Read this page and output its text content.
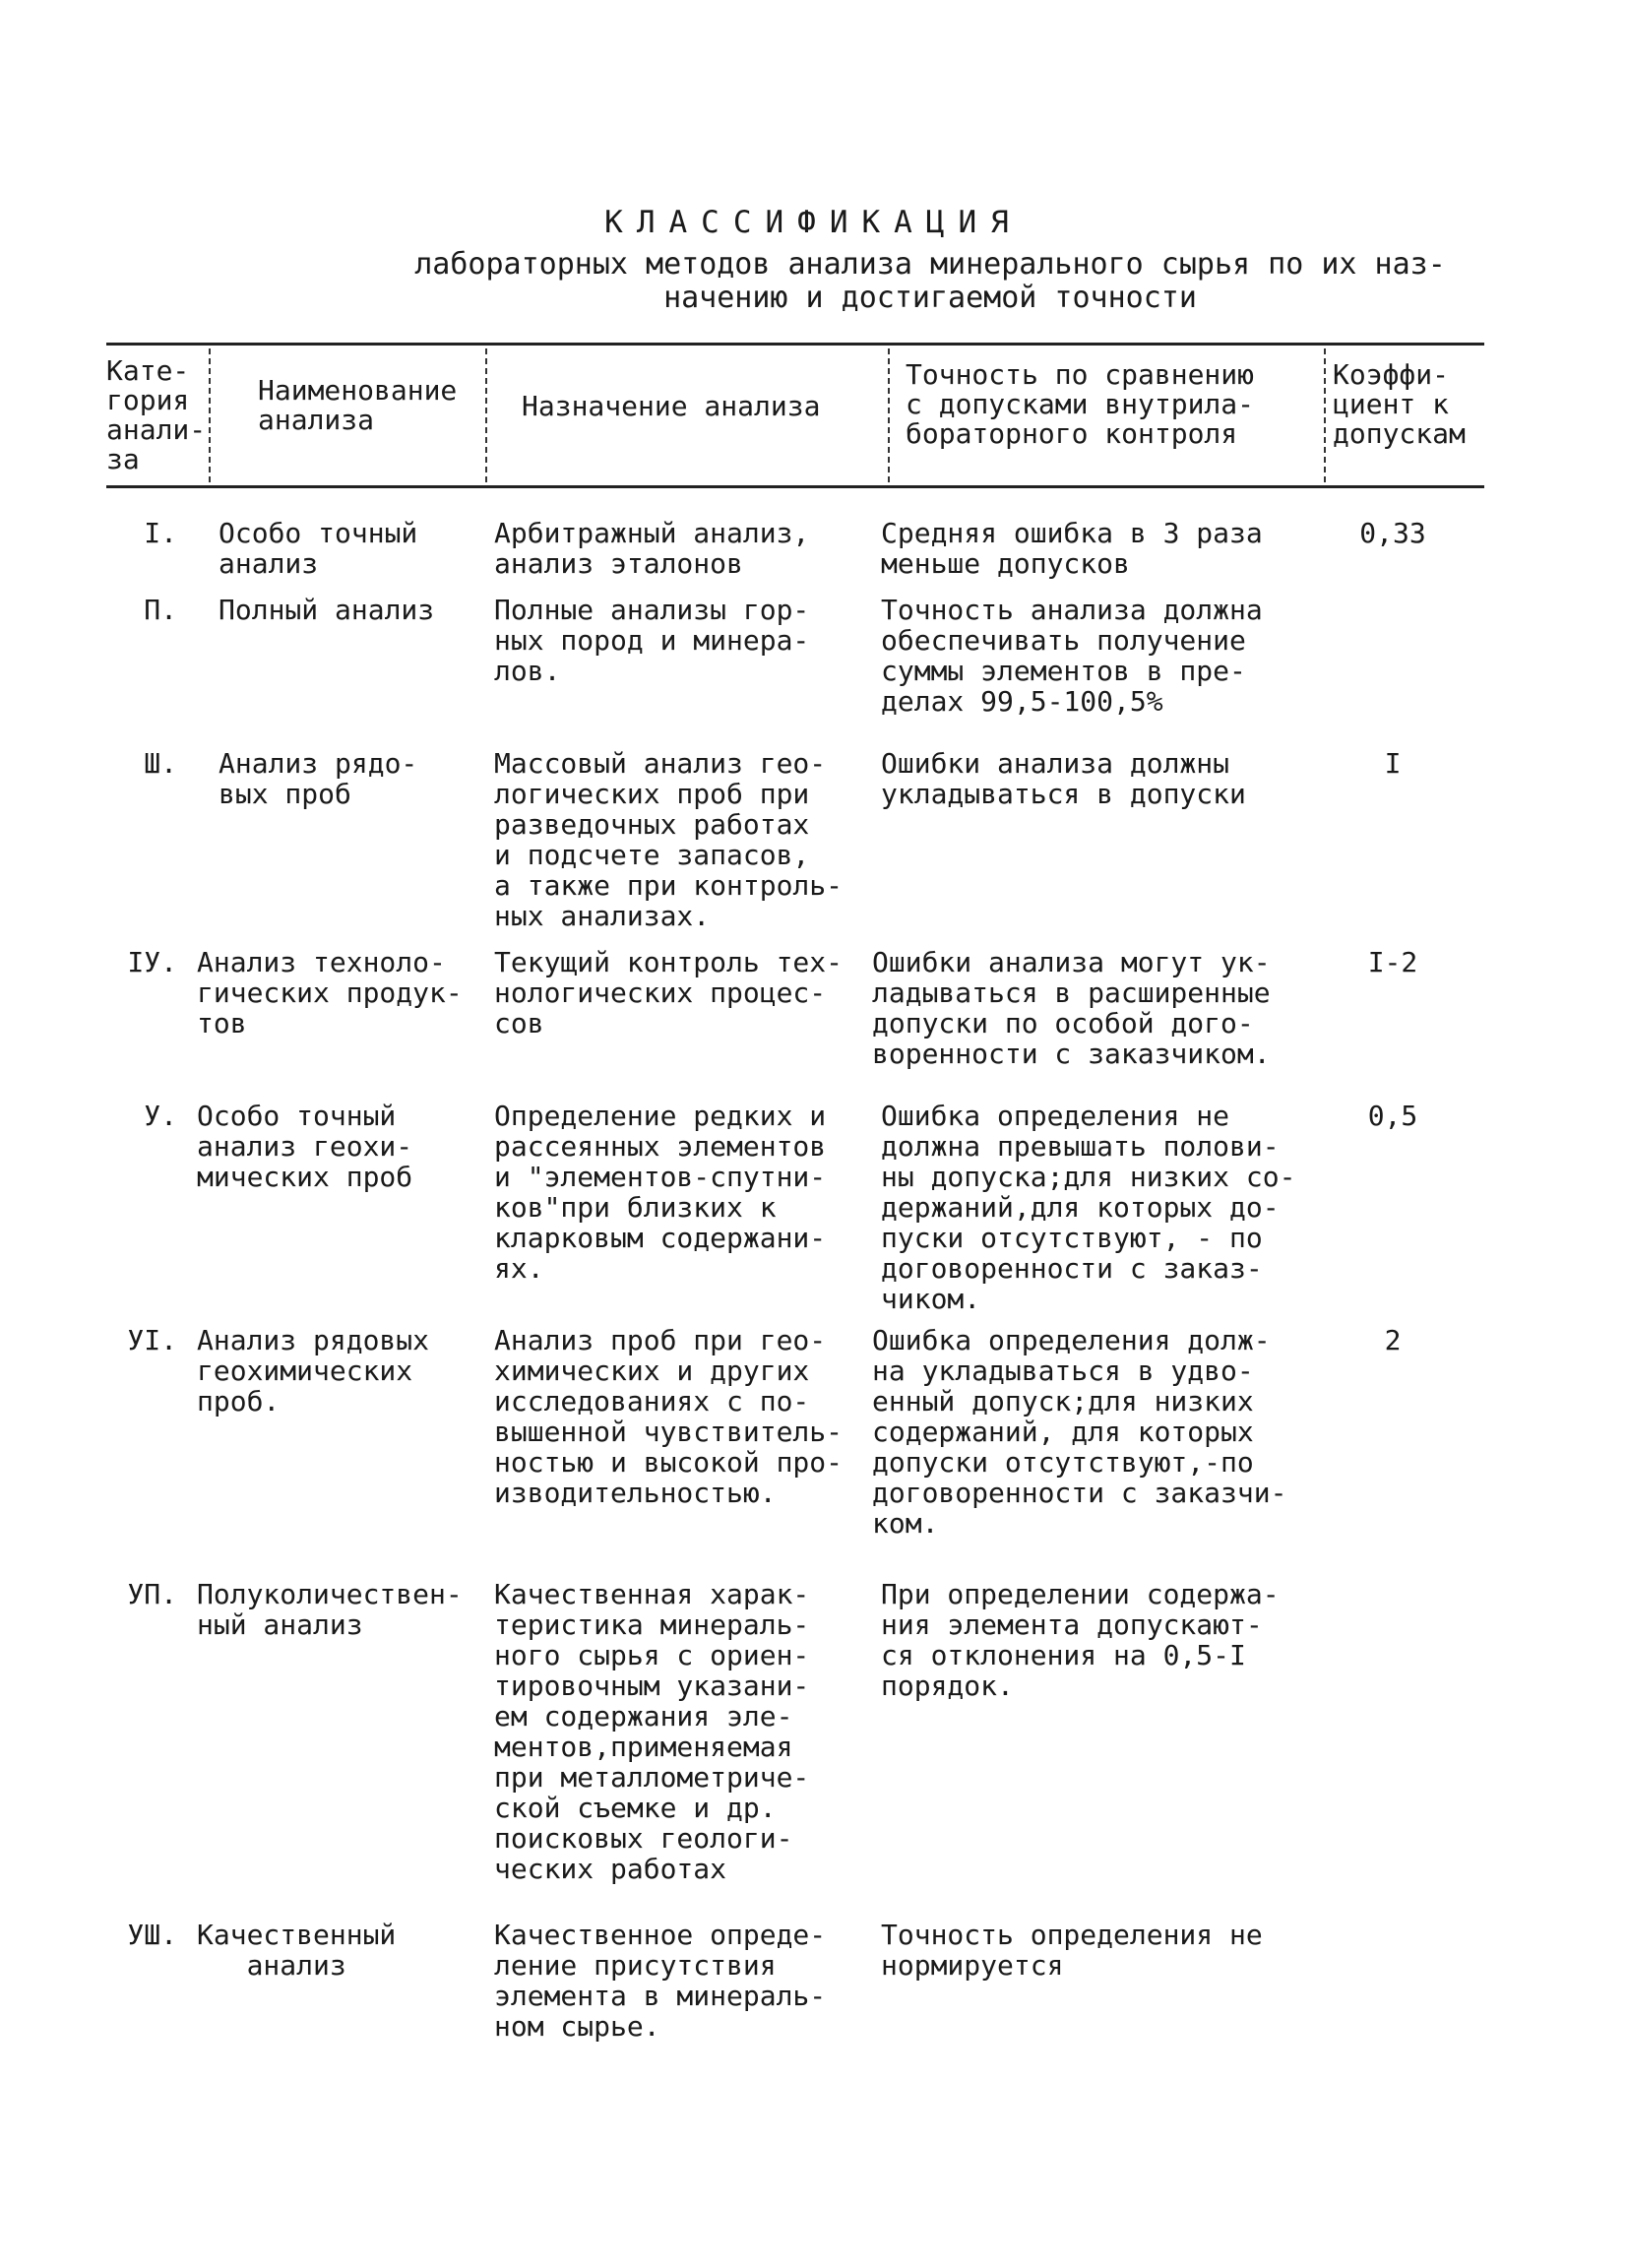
КЛАССИФИКАЦИЯ
лабораторных методов анализа минерального сырья по их наз-
начению и достигаемой точности
Кате-
гория
анали-
за
Наименование
анализа	Назначение анализа
Точность по сравнению
с допусками внутрила-
бораторного контроля
Коэффи-
циент к
допускам
I. Особо точный
анализ
Арбитражный анализ,
анализ эталонов
Средняя ошибка в 3 раза
меньше допусков
0,33
П. Полный анализ Полные анализы гор-
ных пород и минера-
лов.
Точность анализа должна
обеспечивать получение
суммы элементов в пре-
делах 99,5-100,5%
Ш. Анализ рядо-
вых проб
Массовый анализ гео-
логических проб при
разведочных работах
и подсчете запасов,
а также при контроль-
ных анализах.
Ошибки анализа должны
укладываться в допуски
I
IУ. Анализ техноло-
гических продук-
тов
Текущий контроль тех-
нологических процес-
сов
Ошибки анализа могут ук-
ладываться в расширенные
допуски по особой дого-
воренности с заказчиком.
I-2
У. Особо точный
анализ геохи-
мических проб
Определение редких и
рассеянных элементов
и "элементов-спутни-
ков"при близких к
кларковым содержани-
ях.
Ошибка определения не
должна превышать полови-
ны допуска;для низких со-
держаний,для которых до-
пуски отсутствуют, - по
договоренности с заказ-
чиком.
0,5
УI. Анализ рядовых
геохимических
проб.
Анализ проб при гео-
химических и других
исследованиях с по-
вышенной чувствитель-
ностью и высокой про-
изводительностью.
Ошибка определения долж-
на укладываться в удво-
енный допуск;для низких
содержаний, для которых
допуски отсутствуют,-по
договоренности с заказчи-
ком.
2
УП. Полуколичествен-
ный анализ
Качественная харак-
теристика минераль-
ного сырья с ориен-
тировочным указани-
ем содержания эле-
ментов,применяемая
при металлометриче-
ской съемке и др.
поисковых геологи-
ческих работах
При определении содержа-
ния элемента допускают-
ся отклонения на 0,5-I
порядок.
УШ. Качественный
анализ
Качественное опреде-
ление присутствия
элемента в минераль-
ном сырье.
Точность определения не
нормируется
